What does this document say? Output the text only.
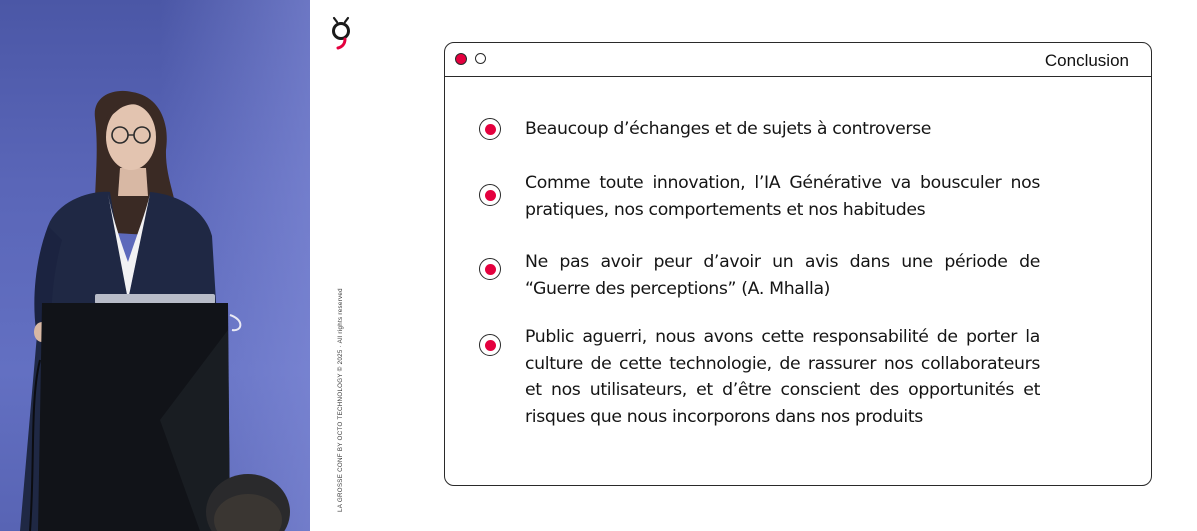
LA GROSSE CONF BY OCTO TECHNOLOGY © 2025 · All rights reserved
Conclusion
Beaucoup d’échanges et de sujets à controverse
Comme toute innovation, l’IA Générative va bousculer nos pratiques, nos comportements et nos habitudes
Ne pas avoir peur d’avoir un avis dans une période de “Guerre des perceptions” (A. Mhalla)
Public aguerri, nous avons cette responsabilité de porter la culture de cette technologie, de rassurer nos collaborateurs et nos utilisateurs, et d’être conscient des opportunités et risques que nous incorporons dans nos produits
